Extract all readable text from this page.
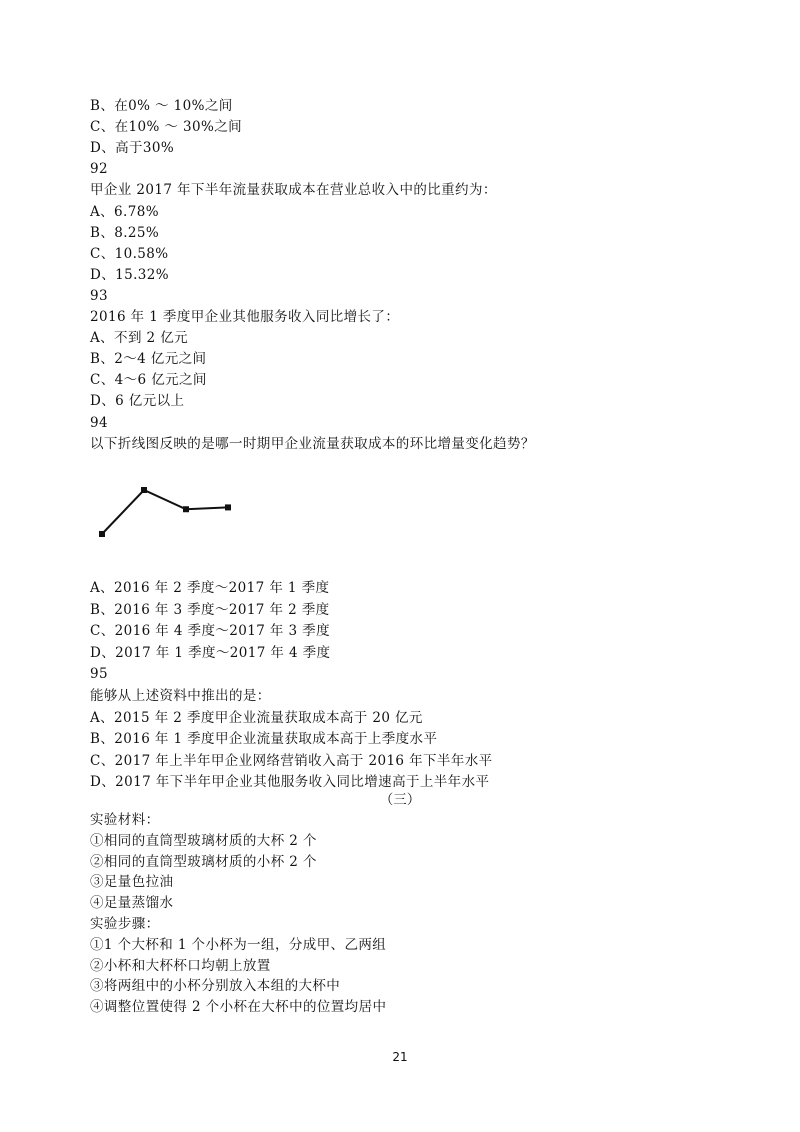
B、在0% ～ 10%之间
C、在10% ～ 30%之间
D、高于30%
92
甲企业 2017 年下半年流量获取成本在营业总收入中的比重约为：
A、6.78%
B、8.25%
C、10.58%
D、15.32%
93
2016 年 1 季度甲企业其他服务收入同比增长了：
A、不到 2 亿元
B、2～4 亿元之间
C、4～6 亿元之间
D、6 亿元以上
94
以下折线图反映的是哪一时期甲企业流量获取成本的环比增量变化趋势？
A、2016 年 2 季度～2017 年 1 季度
B、2016 年 3 季度～2017 年 2 季度
C、2016 年 4 季度～2017 年 3 季度
D、2017 年 1 季度～2017 年 4 季度
95
能够从上述资料中推出的是：
A、2015 年 2 季度甲企业流量获取成本高于 20 亿元
B、2016 年 1 季度甲企业流量获取成本高于上季度水平
C、2017 年上半年甲企业网络营销收入高于 2016 年下半年水平
D、2017 年下半年甲企业其他服务收入同比增速高于上半年水平
（三）
实验材料：
①相同的直筒型玻璃材质的大杯 2 个
②相同的直筒型玻璃材质的小杯 2 个
③足量色拉油
④足量蒸馏水
实验步骤：
①1 个大杯和 1 个小杯为一组，分成甲、乙两组
②小杯和大杯杯口均朝上放置
③将两组中的小杯分别放入本组的大杯中
④调整位置使得 2 个小杯在大杯中的位置均居中
21
